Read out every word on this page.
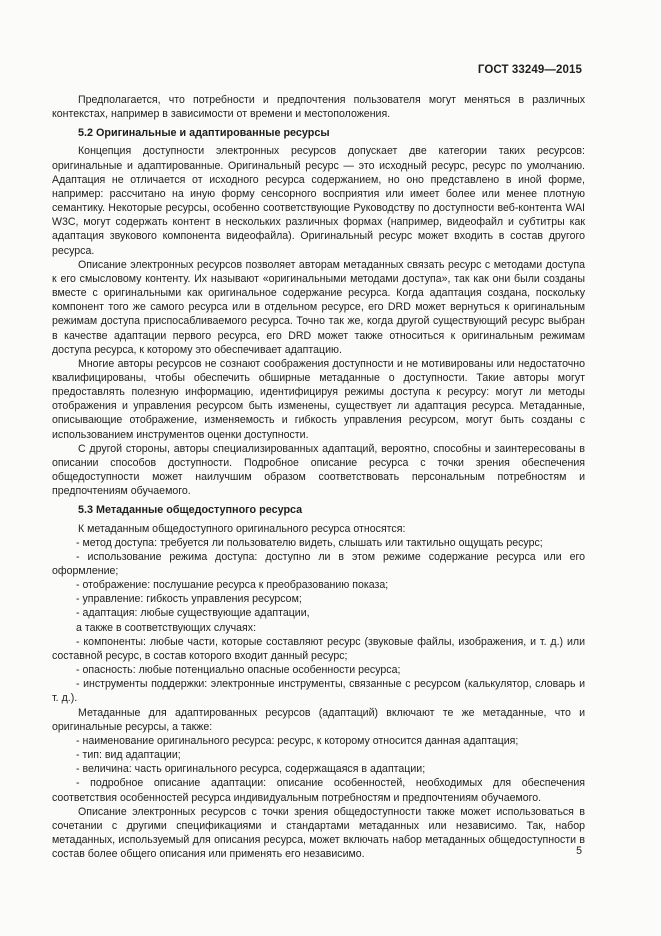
ГОСТ 33249—2015

Предполагается, что потребности и предпочтения пользователя могут меняться в различных контекстах, например в зависимости от времени и местоположения.

5.2 Оригинальные и адаптированные ресурсы

Концепция доступности электронных ресурсов допускает две категории таких ресурсов: оригинальные и адаптированные. Оригинальный ресурс — это исходный ресурс, ресурс по умолчанию. Адаптация не отличается от исходного ресурса содержанием, но оно представлено в иной форме, например: рассчитано на иную форму сенсорного восприятия или имеет более или менее плотную семантику. Некоторые ресурсы, особенно соответствующие Руководству по доступности веб-контента WAI W3C, могут содержать контент в нескольких различных формах (например, видеофайл и субтитры как адаптация звукового компонента видеофайла). Оригинальный ресурс может входить в состав другого ресурса.

Описание электронных ресурсов позволяет авторам метаданных связать ресурс с методами доступа к его смысловому контенту. Их называют «оригинальными методами доступа», так как они были созданы вместе с оригинальными как оригинальное содержание ресурса. Когда адаптация создана, поскольку компонент того же самого ресурса или в отдельном ресурсе, его DRD может вернуться к оригинальным режимам доступа приспосабливаемого ресурса. Точно так же, когда другой существующий ресурс выбран в качестве адаптации первого ресурса, его DRD может также относиться к оригинальным режимам доступа ресурса, к которому это обеспечивает адаптацию.

Многие авторы ресурсов не сознают соображения доступности и не мотивированы или недостаточно квалифицированы, чтобы обеспечить обширные метаданные о доступности. Такие авторы могут предоставлять полезную информацию, идентифицируя режимы доступа к ресурсу: могут ли методы отображения и управления ресурсом быть изменены, существует ли адаптация ресурса. Метаданные, описывающие отображение, изменяемость и гибкость управления ресурсом, могут быть созданы с использованием инструментов оценки доступности.

С другой стороны, авторы специализированных адаптаций, вероятно, способны и заинтересованы в описании способов доступности. Подробное описание ресурса с точки зрения обеспечения общедоступности может наилучшим образом соответствовать персональным потребностям и предпочтениям обучаемого.

5.3 Метаданные общедоступного ресурса

К метаданным общедоступного оригинального ресурса относятся:

- метод доступа: требуется ли пользователю видеть, слышать или тактильно ощущать ресурс;

- использование режима доступа: доступно ли в этом режиме содержание ресурса или его оформление;

- отображение: послушание ресурса к преобразованию показа;

- управление: гибкость управления ресурсом;

- адаптация: любые существующие адаптации,

а также в соответствующих случаях:

- компоненты: любые части, которые составляют ресурс (звуковые файлы, изображения, и т. д.) или составной ресурс, в состав которого входит данный ресурс;

- опасность: любые потенциально опасные особенности ресурса;

- инструменты поддержки: электронные инструменты, связанные с ресурсом (калькулятор, словарь и т. д.).

Метаданные для адаптированных ресурсов (адаптаций) включают те же метаданные, что и оригинальные ресурсы, а также:

- наименование оригинального ресурса: ресурс, к которому относится данная адаптация;

- тип: вид адаптации;

- величина: часть оригинального ресурса, содержащаяся в адаптации;

- подробное описание адаптации: описание особенностей, необходимых для обеспечения соответствия особенностей ресурса индивидуальным потребностям и предпочтениям обучаемого.

Описание электронных ресурсов с точки зрения общедоступности также может использоваться в сочетании с другими спецификациями и стандартами метаданных или независимо. Так, набор метаданных, используемый для описания ресурса, может включать набор метаданных общедоступности в состав более общего описания или применять его независимо.	5
